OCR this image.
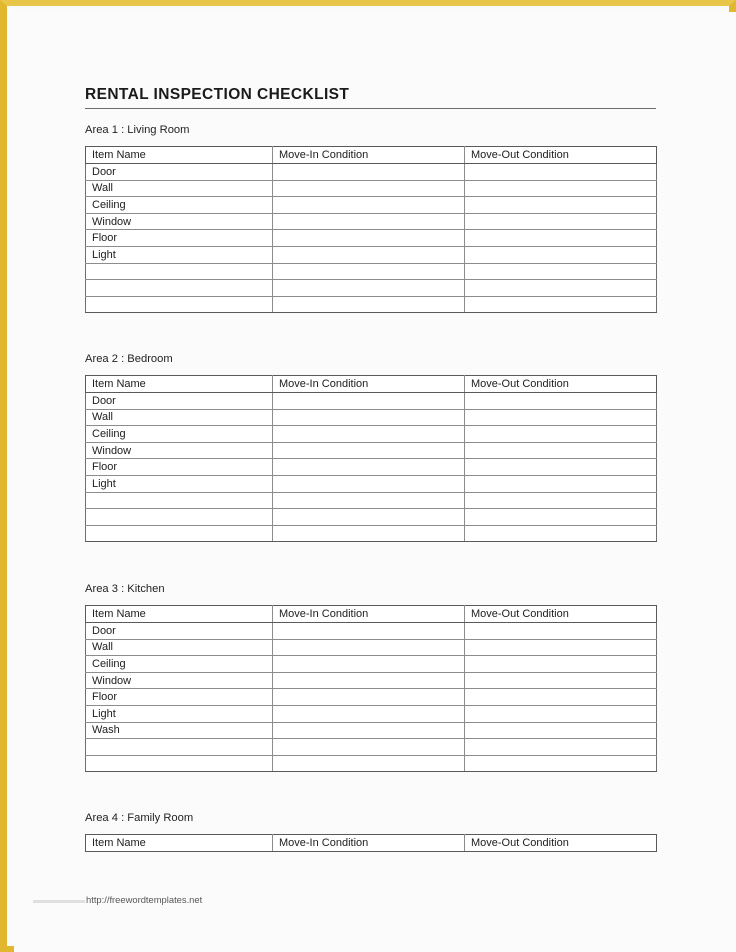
RENTAL INSPECTION CHECKLIST
Area 1 : Living Room
Item Name	Move-In Condition	Move-Out Condition
Door		
Wall		
Ceiling		
Window		
Floor		
Light		

Area 2 : Bedroom
Item Name	Move-In Condition	Move-Out Condition
Door		
Wall		
Ceiling		
Window		
Floor		
Light		

Area 3 : Kitchen
Item Name	Move-In Condition	Move-Out Condition
Door		
Wall		
Ceiling		
Window		
Floor		
Light		
Wash		

Area 4 : Family Room
Item Name	Move-In Condition	Move-Out Condition
http://freewordtemplates.net
